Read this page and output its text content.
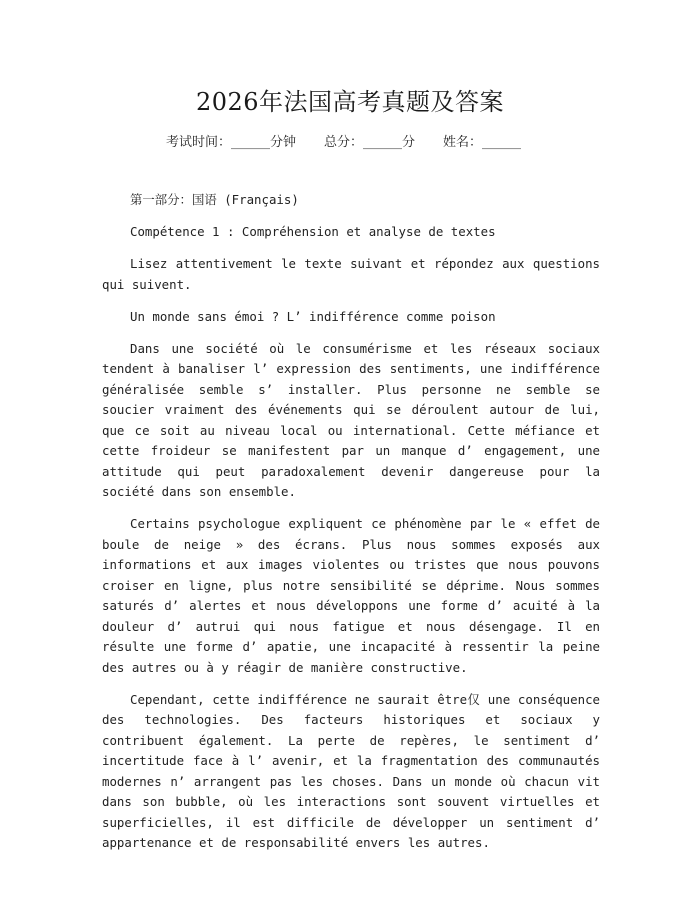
2026年法国高考真题及答案
考试时间：______分钟 总分：______分 姓名：______

第一部分：国语 (Français)

Compétence 1 : Compréhension et analyse de textes

Lisez attentivement le texte suivant et répondez aux questions qui suivent.

Un monde sans émoi ? L’ indifférence comme poison

Dans une société où le consumérisme et les réseaux sociaux tendent à banaliser l’ expression des sentiments, une indifférence généralisée semble s’ installer. Plus personne ne semble se soucier vraiment des événements qui se déroulent autour de lui, que ce soit au niveau local ou international. Cette méfiance et cette froideur se manifestent par un manque d’ engagement, une attitude qui peut paradoxalement devenir dangereuse pour la société dans son ensemble.

Certains psychologue expliquent ce phénomène par le « effet de boule de neige » des écrans. Plus nous sommes exposés aux informations et aux images violentes ou tristes que nous pouvons croiser en ligne, plus notre sensibilité se déprime. Nous sommes saturés d’ alertes et nous développons une forme d’ acuité à la douleur d’ autrui qui nous fatigue et nous désengage. Il en résulte une forme d’ apatie, une incapacité à ressentir la peine des autres ou à y réagir de manière constructive.

Cependant, cette indifférence ne saurait être仅 une conséquence des technologies. Des facteurs historiques et sociaux y contribuent également. La perte de repères, le sentiment d’ incertitude face à l’ avenir, et la fragmentation des communautés modernes n’ arrangent pas les choses. Dans un monde où chacun vit dans son bubble, où les interactions sont souvent virtuelles et superficielles, il est difficile de développer un sentiment d’ appartenance et de responsabilité envers les autres.
